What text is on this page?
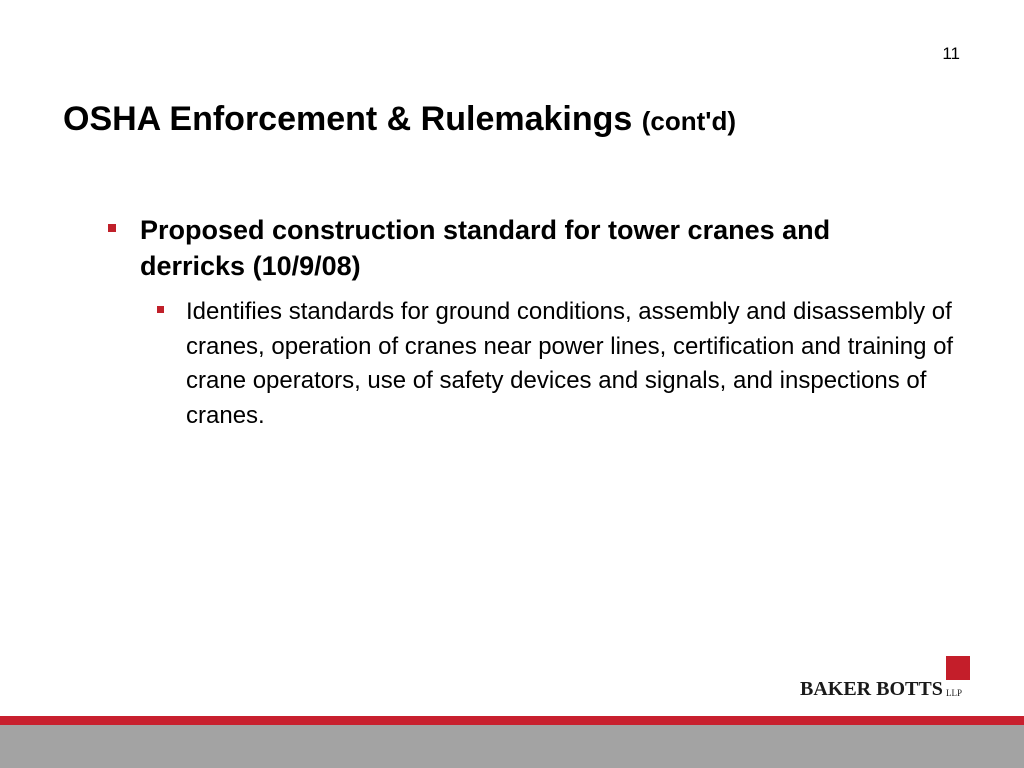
11
OSHA Enforcement & Rulemakings (cont'd)
Proposed construction standard for tower cranes and derricks (10/9/08)
Identifies standards for ground conditions, assembly and disassembly of cranes, operation of cranes near power lines, certification and training of crane operators, use of safety devices and signals, and inspections of cranes.
BAKER BOTTS LLP
